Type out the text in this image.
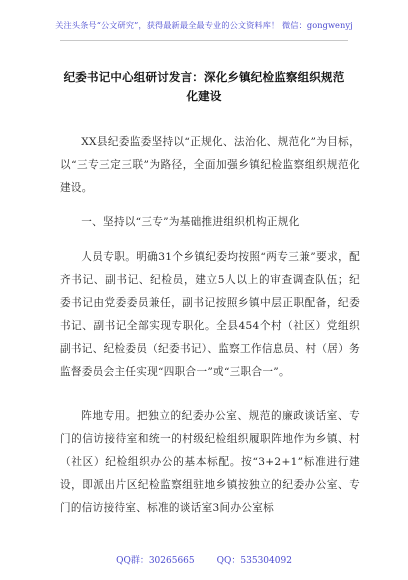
关注头条号“公文研究”，获得最新最全最专业的公文资料库！ 微信：gongwenyj
纪委书记中心组研讨发言：深化乡镇纪检监察组织规范化建设
XX县纪委监委坚持以“正规化、法治化、规范化”为目标，以“三专三定三联”为路径，全面加强乡镇纪检监察组织规范化建设。
一、坚持以“三专”为基础推进组织机构正规化
人员专职。明确31个乡镇纪委均按照“两专三兼”要求，配齐书记、副书记、纪检员，建立5人以上的审查调查队伍；纪委书记由党委委员兼任，副书记按照乡镇中层正职配备，纪委书记、副书记全部实现专职化。全县454个村（社区）党组织副书记、纪检委员（纪委书记）、监察工作信息员、村（居）务监督委员会主任实现“四职合一”或“三职合一”。
阵地专用。把独立的纪委办公室、规范的廉政谈话室、专门的信访接待室和统一的村级纪检组织履职阵地作为乡镇、村（社区）纪检组织办公的基本标配。按“3+2+1”标准进行建设，即派出片区纪检监察组驻地乡镇按独立的纪委办公室、专门的信访接待室、标准的谈话室3间办公室标
QQ群：30265665 QQ：535304092
